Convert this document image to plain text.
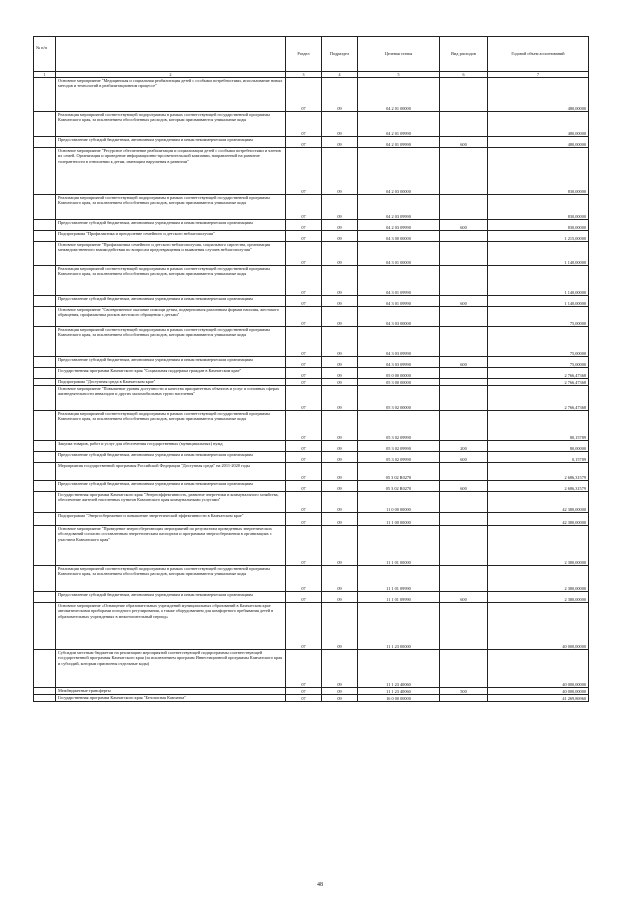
№ п/п		Раздел	Подраздел	Целевая статья	Вид расходов	Годовой объем ассигнований
1	2	3	4	5	6	7
	Основное мероприятие "Медицинская и социальная реабилитация детей с особыми потребностями, использование новых методов и технологий в реабилитационном процессе"	07	09	04 2 01 00000		480,00000
	Реализация мероприятий соответствующей подпрограммы в рамках соответствующей государственной программы Камчатского края, за исключением обособленных расходов, которым присваиваются уникальные коды	07	09	04 2 01 09990		480,00000
	Предоставление субсидий бюджетным, автономным учреждениям и иным некоммерческим организациям	07	09	04 2 01 09990	600	480,00000
	Основное мероприятие "Ресурсное обеспечение реабилитации и социализации детей с особыми потребностями и членов их семей. Организация и проведение информационно-просветительской кампании, направленной на развитие толерантности в отношении к детям, имеющим нарушения в развитии"	07	09	04 2 03 00000		830,00000
	Реализация мероприятий соответствующей подпрограммы в рамках соответствующей государственной программы Камчатского края, за исключением обособленных расходов, которым присваиваются уникальные коды	07	09	04 2 03 09990		830,00000
	Предоставление субсидий бюджетным, автономным учреждениям и иным некоммерческим организациям	07	09	04 2 03 09990	600	830,00000
	Подпрограмма "Профилактика и преодоление семейного и детского неблагополучия"	07	09	04 3 00 00000		1 215,00000
	Основное мероприятие "Профилактика семейного и детского неблагополучия, социального сиротства, организация межведомственного взаимодействия по вопросам предотвращения и выявления случаев неблагополучия"	07	09	04 3 01 00000		1 140,00000
	Реализация мероприятий соответствующей подпрограммы в рамках соответствующей государственной программы Камчатского края, за исключением обособленных расходов, которым присваиваются уникальные коды	07	09	04 3 01 09990		1 140,00000
	Предоставление субсидий бюджетным, автономным учреждениям и иным некоммерческим организациям	07	09	04 3 01 09990	600	1 140,00000
	Основное мероприятие "Своевременное оказание помощи детям, подвергшимся различным формам насилия, жестокого обращения, профилактика рисков жестокого обращения с детьми"	07	09	04 3 03 00000		75,00000
	Реализация мероприятий соответствующей подпрограммы в рамках соответствующей государственной программы Камчатского края, за исключением обособленных расходов, которым присваиваются уникальные коды	07	09	04 3 03 09990		75,00000
	Предоставление субсидий бюджетным, автономным учреждениям и иным некоммерческим организациям	07	09	04 3 03 09990	600	75,00000
	Государственная программа Камчатского края "Социальная поддержка граждан в Камчатском крае"	07	09	05 0 00 00000		2 766,47368
	Подпрограмма "Доступная среда в Камчатском крае"	07	09	05 3 00 00000		2 766,47368
	Основное мероприятие "Повышение уровня доступности и качества приоритетных объектов и услуг в основных сферах жизнедеятельности инвалидов и других маломобильных групп населения"	07	09	05 3 02 00000		2 766,47368
	Реализация мероприятий соответствующей подпрограммы в рамках соответствующей государственной программы Камчатского края, за исключением обособленных расходов, которым присваиваются уникальные коды	07	09	05 3 02 09990		80,15789
	Закупка товаров, работ и услуг для обеспечения государственных (муниципальных) нужд	07	09	05 3 02 09990	200	80,00000
	Предоставление субсидий бюджетным, автономным учреждениям и иным некоммерческим организациям	07	09	05 3 02 09990	600	0,15789
	Мероприятия государственной программы Российской Федерации "Доступная среда" на 2011-2020 годы	07	09	05 3 02 R0270		2 686,31579
	Предоставление субсидий бюджетным, автономным учреждениям и иным некоммерческим организациям	07	09	05 3 02 R0270	600	2 686,31579
	Государственная программа Камчатского края "Энергоэффективность, развитие энергетики и коммунального хозяйства, обеспечение жителей населенных пунктов Камчатского края коммунальными услугами"	07	09	11 0 00 00000		42 380,00000
	Подпрограмма "Энергосбережение и повышение энергетической эффективности в Камчатском крае"	07	09	11 1 00 00000		42 380,00000
	Основное мероприятие "Проведение энергосберегающих мероприятий по результатам проведенных энергетических обследований согласно составленным энергетическим паспортам и программам энергосбережения в организациях с участием Камчатского края"	07	09	11 1 01 00000		2 380,00000
	Реализация мероприятий соответствующей подпрограммы в рамках соответствующей государственной программы Камчатского края, за исключением обособленных расходов, которым присваиваются уникальные коды	07	09	11 1 01 09990		2 380,00000
	Предоставление субсидий бюджетным, автономным учреждениям и иным некоммерческим организациям	07	09	11 1 01 09990	600	2 380,00000
	Основное мероприятие «Оснащение образовательных учреждений муниципальных образований в Камчатском крае автоматическими приборами погодного регулирования, а также оборудованием для комфортного пребывания детей в образовательных учреждениях в межотопительный период»	07	09	11 1 23 00000		40 000,00000
	Субсидии местным бюджетам на реализацию мероприятий соответствующей подпрограммы соответствующей государственной программы Камчатского края (за исключением программ Инвестиционной программы Камчатского края и субсидий, которым присвоены отдельные коды)	07	09	11 1 23 40060		40 000,00000
	Межбюджетные трансферты	07	09	11 1 23 40060	500	40 000,00000
	Государственная программа Камчатского края "Безопасная Камчатка"	07	09	16 0 00 00000		41 269,86960
48
